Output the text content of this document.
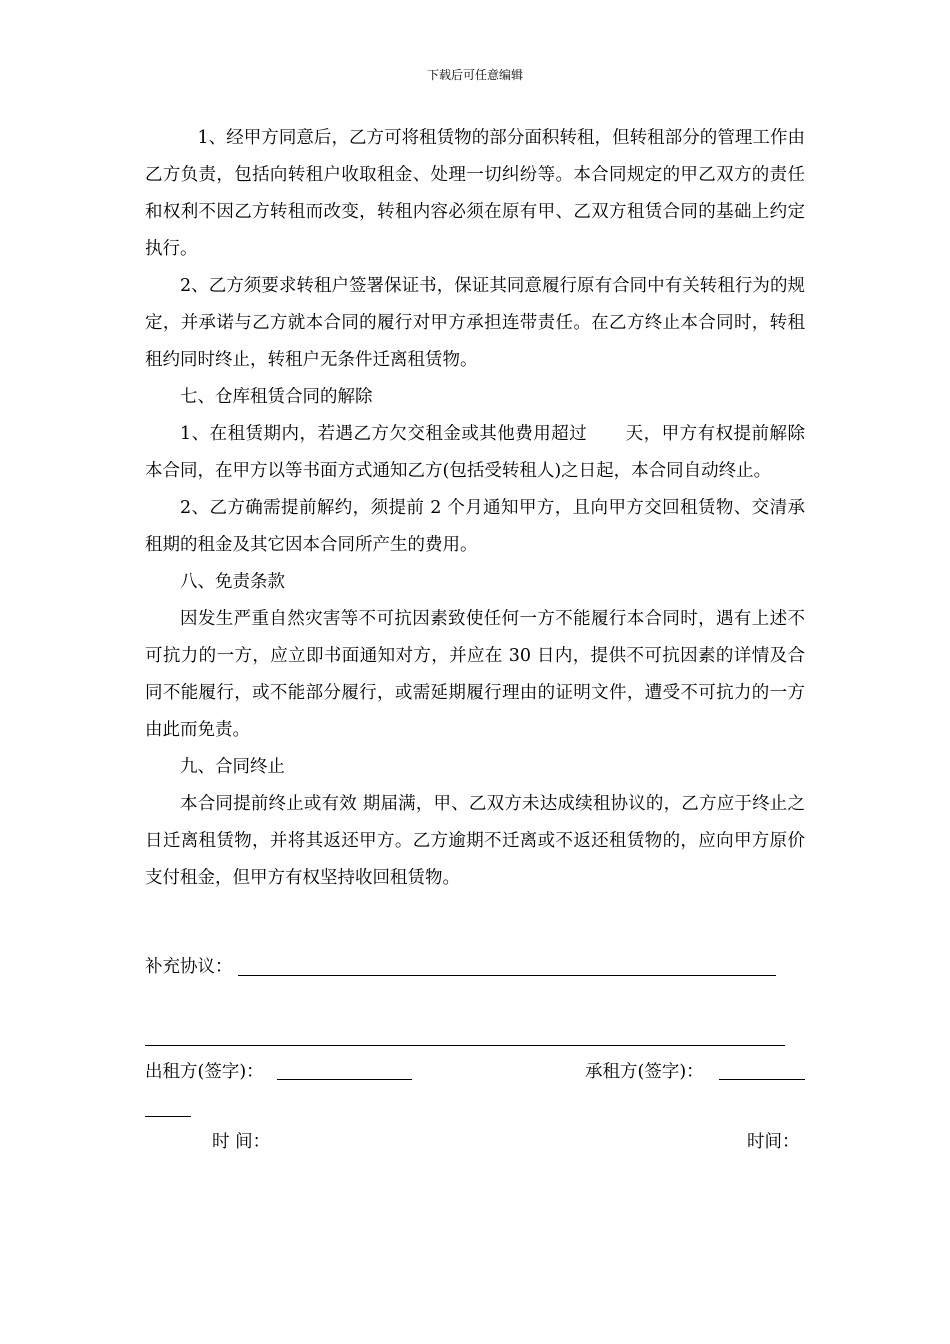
下载后可任意编辑

1、经甲方同意后，乙方可将租赁物的部分面积转租，但转租部分的管理工作由乙方负责，包括向转租户收取租金、处理一切纠纷等。本合同规定的甲乙双方的责任和权利不因乙方转租而改变，转租内容必须在原有甲、乙双方租赁合同的基础上约定执行。

2、乙方须要求转租户签署保证书，保证其同意履行原有合同中有关转租行为的规定，并承诺与乙方就本合同的履行对甲方承担连带责任。在乙方终止本合同时，转租租约同时终止，转租户无条件迁离租赁物。

七、仓库租赁合同的解除

1、在租赁期内，若遇乙方欠交租金或其他费用超过 天，甲方有权提前解除本合同，在甲方以等书面方式通知乙方(包括受转租人)之日起，本合同自动终止。

2、乙方确需提前解约，须提前 2 个月通知甲方，且向甲方交回租赁物、交清承租期的租金及其它因本合同所产生的费用。

八、免责条款

因发生严重自然灾害等不可抗因素致使任何一方不能履行本合同时，遇有上述不可抗力的一方，应立即书面通知对方，并应在 30 日内，提供不可抗因素的详情及合同不能履行，或不能部分履行，或需延期履行理由的证明文件，遭受不可抗力的一方由此而免责。

九、合同终止

本合同提前终止或有效 期届满，甲、乙双方未达成续租协议的，乙方应于终止之日迁离租赁物，并将其返还甲方。乙方逾期不迁离或不返还租赁物的，应向甲方原价支付租金，但甲方有权坚持收回租赁物。

补充协议：
出租方(签字)：	承租方(签字)：
时 间：	时间：
